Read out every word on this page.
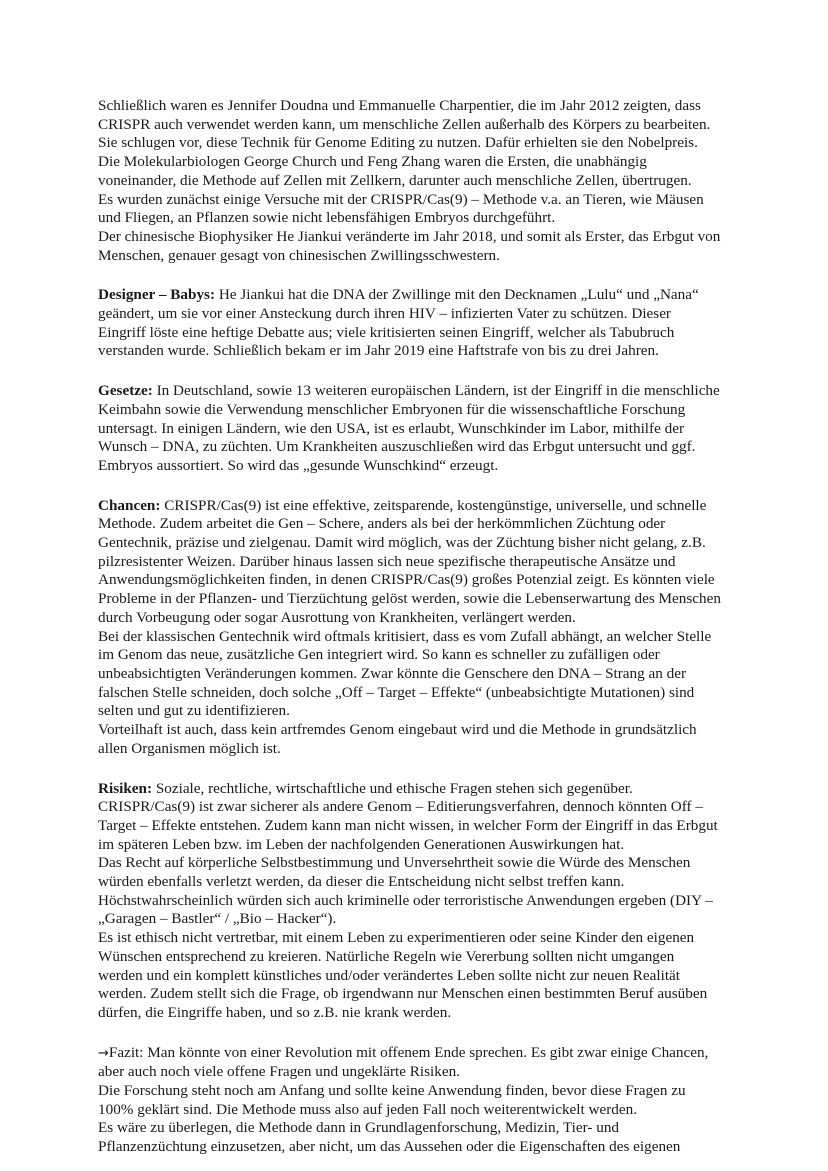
Schließlich waren es Jennifer Doudna und Emmanuelle Charpentier, die im Jahr 2012 zeigten, dass
CRISPR auch verwendet werden kann, um menschliche Zellen außerhalb des Körpers zu bearbeiten.
Sie schlugen vor, diese Technik für Genome Editing zu nutzen. Dafür erhielten sie den Nobelpreis.
Die Molekularbiologen George Church und Feng Zhang waren die Ersten, die unabhängig
voneinander, die Methode auf Zellen mit Zellkern, darunter auch menschliche Zellen, übertrugen.
Es wurden zunächst einige Versuche mit der CRISPR/Cas(9) – Methode v.a. an Tieren, wie Mäusen
und Fliegen, an Pflanzen sowie nicht lebensfähigen Embryos durchgeführt.
Der chinesische Biophysiker He Jiankui veränderte im Jahr 2018, und somit als Erster, das Erbgut von
Menschen, genauer gesagt von chinesischen Zwillingsschwestern.
Designer – Babys: He Jiankui hat die DNA der Zwillinge mit den Decknamen „Lulu“ und „Nana“
geändert, um sie vor einer Ansteckung durch ihren HIV – infizierten Vater zu schützen. Dieser
Eingriff löste eine heftige Debatte aus; viele kritisierten seinen Eingriff, welcher als Tabubruch
verstanden wurde. Schließlich bekam er im Jahr 2019 eine Haftstrafe von bis zu drei Jahren.
Gesetze: In Deutschland, sowie 13 weiteren europäischen Ländern, ist der Eingriff in die menschliche
Keimbahn sowie die Verwendung menschlicher Embryonen für die wissenschaftliche Forschung
untersagt. In einigen Ländern, wie den USA, ist es erlaubt, Wunschkinder im Labor, mithilfe der
Wunsch – DNA, zu züchten. Um Krankheiten auszuschließen wird das Erbgut untersucht und ggf.
Embryos aussortiert. So wird das „gesunde Wunschkind“ erzeugt.
Chancen: CRISPR/Cas(9) ist eine effektive, zeitsparende, kostengünstige, universelle, und schnelle
Methode. Zudem arbeitet die Gen – Schere, anders als bei der herkömmlichen Züchtung oder
Gentechnik, präzise und zielgenau. Damit wird möglich, was der Züchtung bisher nicht gelang, z.B.
pilzresistenter Weizen. Darüber hinaus lassen sich neue spezifische therapeutische Ansätze und
Anwendungsmöglichkeiten finden, in denen CRISPR/Cas(9) großes Potenzial zeigt. Es könnten viele
Probleme in der Pflanzen- und Tierzüchtung gelöst werden, sowie die Lebenserwartung des Menschen
durch Vorbeugung oder sogar Ausrottung von Krankheiten, verlängert werden.
Bei der klassischen Gentechnik wird oftmals kritisiert, dass es vom Zufall abhängt, an welcher Stelle
im Genom das neue, zusätzliche Gen integriert wird. So kann es schneller zu zufälligen oder
unbeabsichtigten Veränderungen kommen. Zwar könnte die Genschere den DNA – Strang an der
falschen Stelle schneiden, doch solche „Off – Target – Effekte“ (unbeabsichtigte Mutationen) sind
selten und gut zu identifizieren.
Vorteilhaft ist auch, dass kein artfremdes Genom eingebaut wird und die Methode in grundsätzlich
allen Organismen möglich ist.
Risiken: Soziale, rechtliche, wirtschaftliche und ethische Fragen stehen sich gegenüber.
CRISPR/Cas(9) ist zwar sicherer als andere Genom – Editierungsverfahren, dennoch könnten Off –
Target – Effekte entstehen. Zudem kann man nicht wissen, in welcher Form der Eingriff in das Erbgut
im späteren Leben bzw. im Leben der nachfolgenden Generationen Auswirkungen hat.
Das Recht auf körperliche Selbstbestimmung und Unversehrtheit sowie die Würde des Menschen
würden ebenfalls verletzt werden, da dieser die Entscheidung nicht selbst treffen kann.
Höchstwahrscheinlich würden sich auch kriminelle oder terroristische Anwendungen ergeben (DIY –
„Garagen – Bastler“ / „Bio – Hacker“).
Es ist ethisch nicht vertretbar, mit einem Leben zu experimentieren oder seine Kinder den eigenen
Wünschen entsprechend zu kreieren. Natürliche Regeln wie Vererbung sollten nicht umgangen
werden und ein komplett künstliches und/oder verändertes Leben sollte nicht zur neuen Realität
werden. Zudem stellt sich die Frage, ob irgendwann nur Menschen einen bestimmten Beruf ausüben
dürfen, die Eingriffe haben, und so z.B. nie krank werden.
→Fazit: Man könnte von einer Revolution mit offenem Ende sprechen. Es gibt zwar einige Chancen,
aber auch noch viele offene Fragen und ungeklärte Risiken.
Die Forschung steht noch am Anfang und sollte keine Anwendung finden, bevor diese Fragen zu
100% geklärt sind. Die Methode muss also auf jeden Fall noch weiterentwickelt werden.
Es wäre zu überlegen, die Methode dann in Grundlagenforschung, Medizin, Tier- und
Pflanzenzüchtung einzusetzen, aber nicht, um das Aussehen oder die Eigenschaften des eigenen
